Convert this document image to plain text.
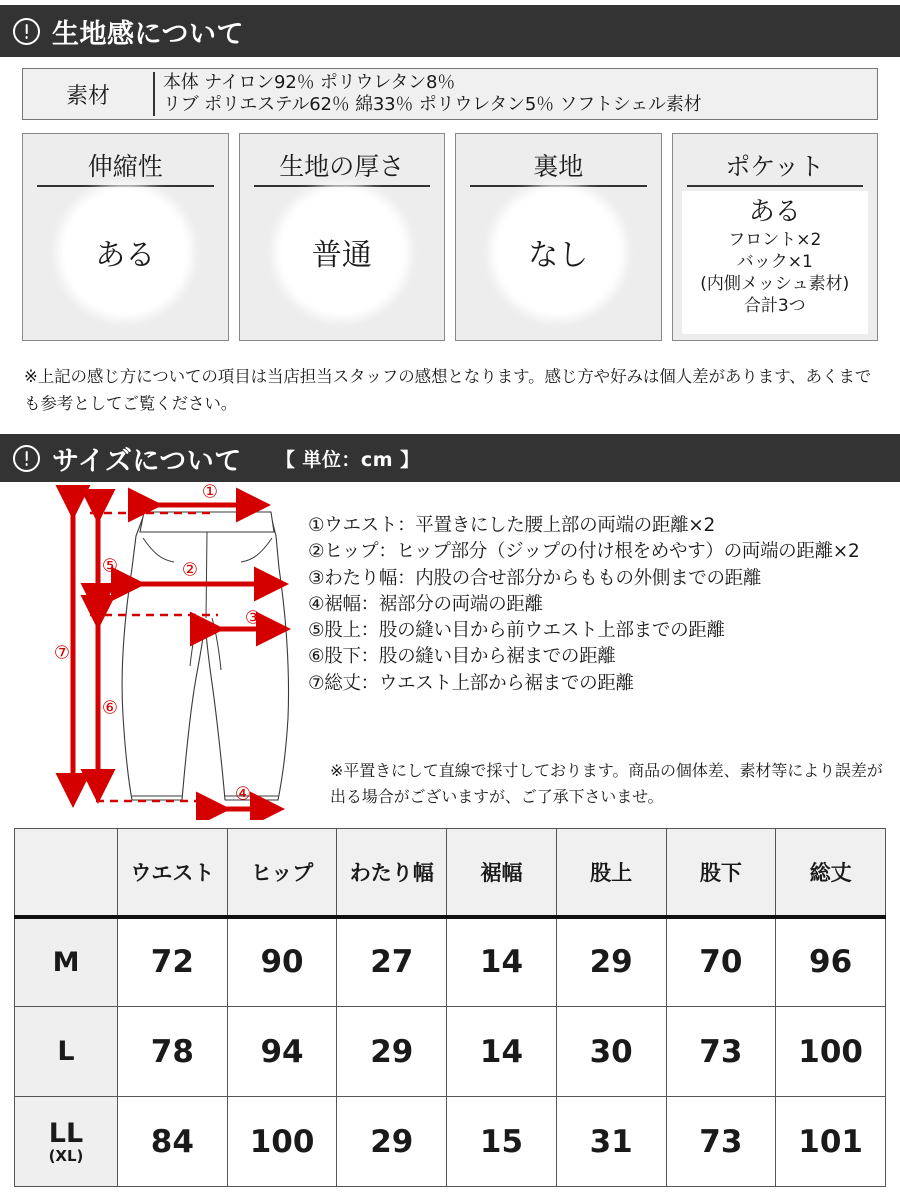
生地感について
素材
本体 ナイロン92％ ポリウレタン8％
リブ ポリエステル62％ 綿33％ ポリウレタン5％ ソフトシェル素材
伸縮性
ある
生地の厚さ
普通
裏地
なし
ポケット
ある
フロント×2
バック×1
(内側メッシュ素材)
合計3つ
※上記の感じ方についての項目は当店担当スタッフの感想となります。感じ方や好みは個人差があります、あくまでも参考としてご覧ください。
サイズについて 【 単位：cm 】
①
②
③
④
⑤
⑥
⑦
①ウエスト：平置きにした腰上部の両端の距離×2
②ヒップ：ヒップ部分（ジップの付け根をめやす）の両端の距離×2
③わたり幅：内股の合せ部分からももの外側までの距離
④裾幅：裾部分の両端の距離
⑤股上：股の縫い目から前ウエスト上部までの距離
⑥股下：股の縫い目から裾までの距離
⑦総丈：ウエスト上部から裾までの距離
※平置きにして直線で採寸しております。商品の個体差、素材等により誤差が出る場合がございますが、ご了承下さいませ。
	ウエスト	ヒップ	わたり幅	裾幅	股上	股下	総丈
M	72	90	27	14	29	70	96
L	78	94	29	14	30	73	100
LL
(XL)	84	100	29	15	31	73	101
